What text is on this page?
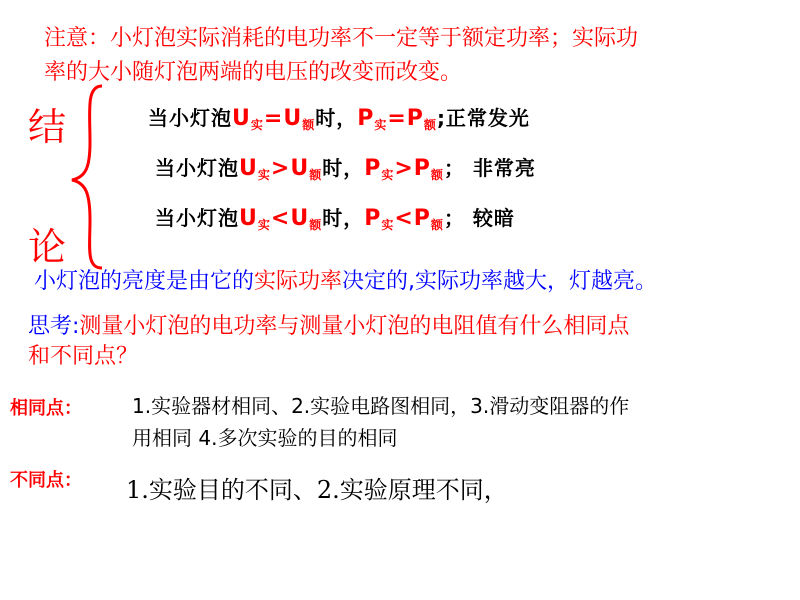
注意：小灯泡实际消耗的电功率不一定等于额定功率；实际功
率的大小随灯泡两端的电压的改变而改变。
结
论
当小灯泡$U_实=U_额$时，$P_实=P_额$;正常发光
当小灯泡$U_实>U_额$时，$P_实>P_额$； 非常亮
当小灯泡$U_实<U_额$时，$P_实<P_额$； 较暗
小灯泡的亮度是由它的实际功率决定的,实际功率越大，灯越亮。
思考:测量小灯泡的电功率与测量小灯泡的电阻值有什么相同点
和不同点？
相同点：	1.实验器材相同、2.实验电路图相同，3.滑动变阻器的作
用相同 4.多次实验的目的相同
不同点： 1.实验目的不同、2.实验原理不同，
